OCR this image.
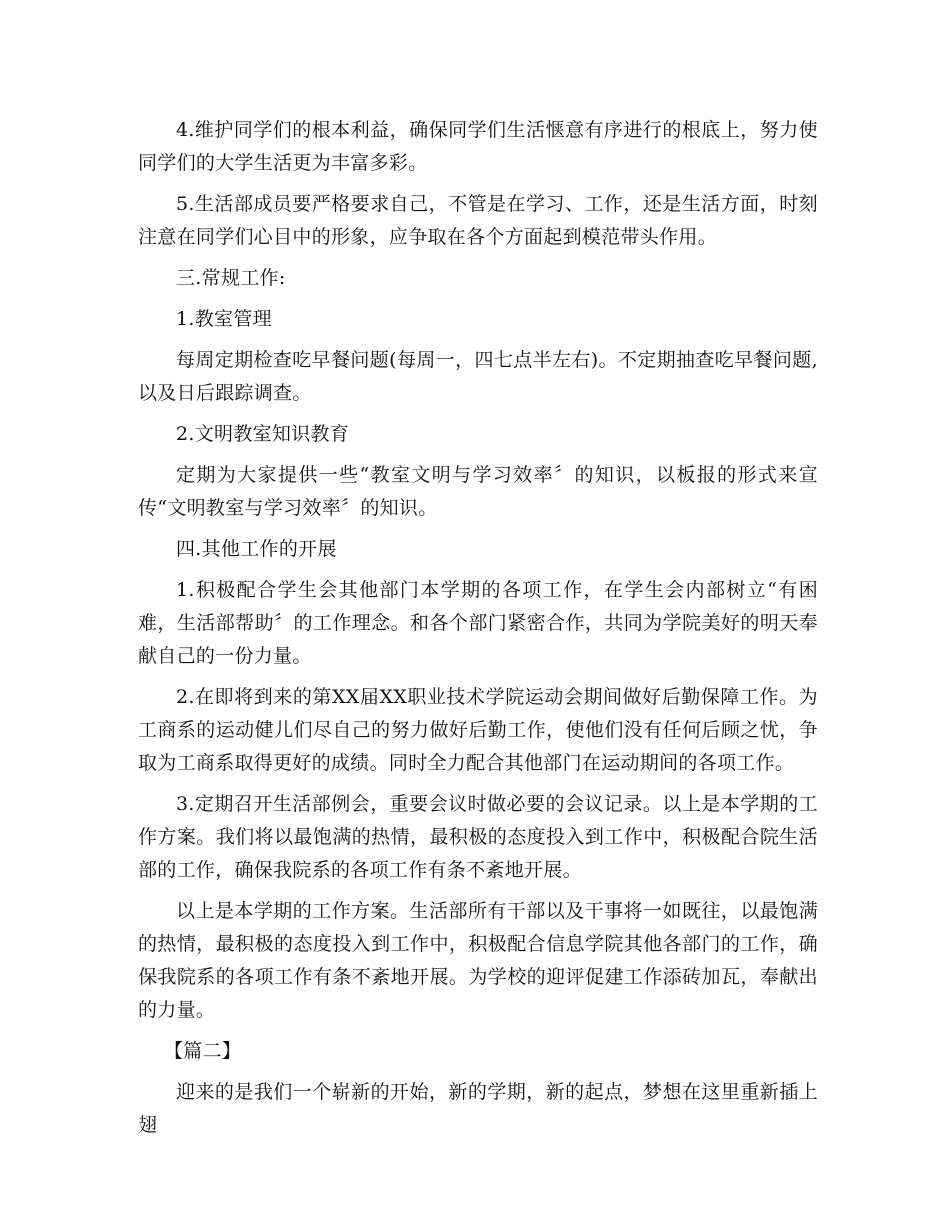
4.维护同学们的根本利益，确保同学们生活惬意有序进行的根底上，努力使同学们的大学生活更为丰富多彩。

5.生活部成员要严格要求自己，不管是在学习、工作，还是生活方面，时刻注意在同学们心目中的形象，应争取在各个方面起到模范带头作用。

三.常规工作:

1.教室管理

每周定期检查吃早餐问题(每周一，四七点半左右)。不定期抽查吃早餐问题,以及日后跟踪调查。

2.文明教室知识教育

定期为大家提供一些“教室文明与学习效率〞的知识，以板报的形式来宣传“文明教室与学习效率〞的知识。

四.其他工作的开展

1.积极配合学生会其他部门本学期的各项工作，在学生会内部树立“有困难，生活部帮助〞的工作理念。和各个部门紧密合作，共同为学院美好的明天奉献自己的一份力量。

2.在即将到来的第XX届XX职业技术学院运动会期间做好后勤保障工作。为工商系的运动健儿们尽自己的努力做好后勤工作，使他们没有任何后顾之忧，争取为工商系取得更好的成绩。同时全力配合其他部门在运动期间的各项工作。

3.定期召开生活部例会，重要会议时做必要的会议记录。以上是本学期的工作方案。我们将以最饱满的热情，最积极的态度投入到工作中，积极配合院生活部的工作，确保我院系的各项工作有条不紊地开展。

以上是本学期的工作方案。生活部所有干部以及干事将一如既往，以最饱满的热情，最积极的态度投入到工作中，积极配合信息学院其他各部门的工作，确保我院系的各项工作有条不紊地开展。为学校的迎评促建工作添砖加瓦，奉献出的力量。

【篇二】

迎来的是我们一个崭新的开始，新的学期，新的起点，梦想在这里重新插上翅
